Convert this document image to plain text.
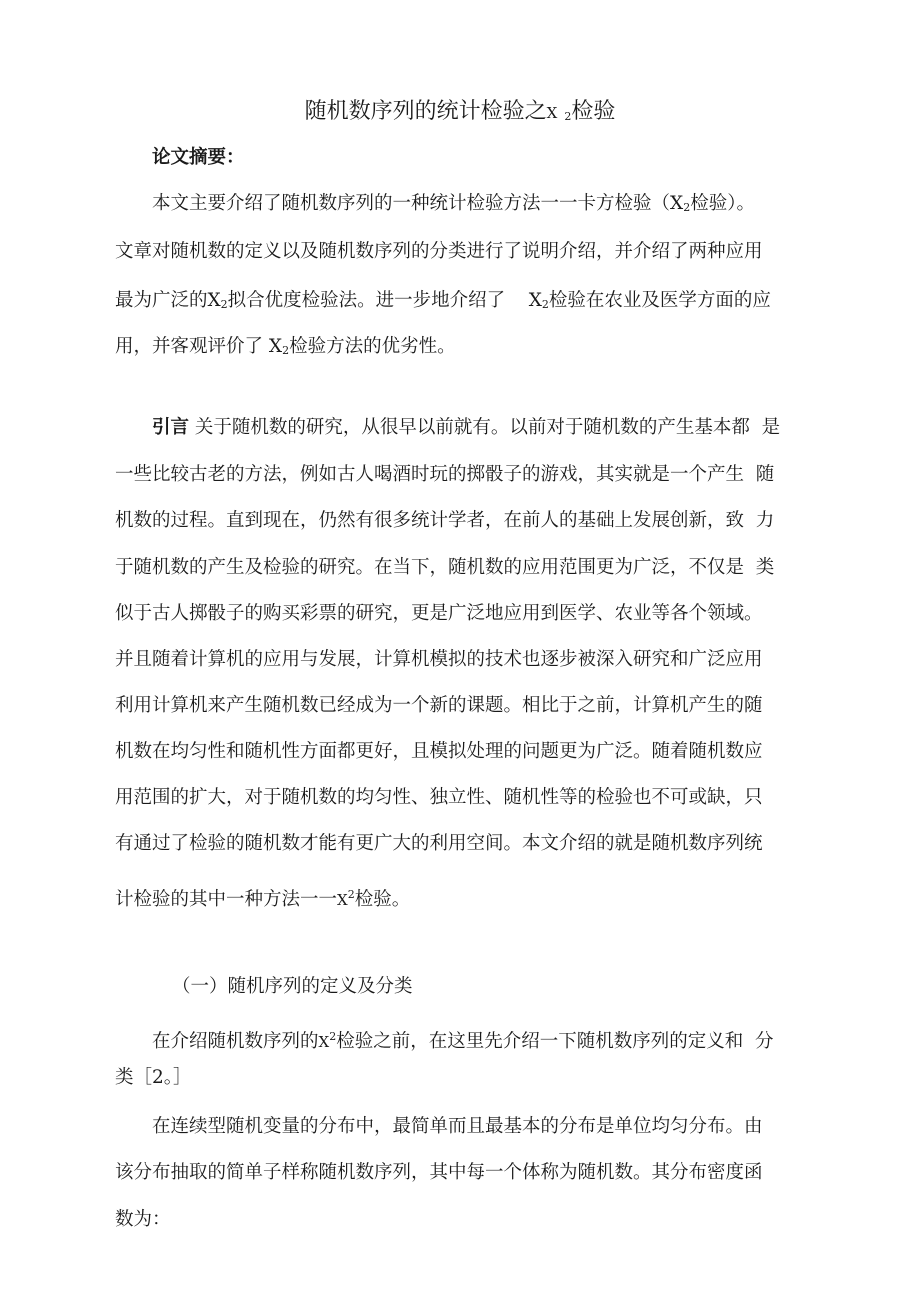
随机数序列的统计检验之X 2检验
论文摘要：
本文主要介绍了随机数序列的一种统计检验方法一一卡方检验（X2检验）。
文章对随机数的定义以及随机数序列的分类进行了说明介绍，并介绍了两种应用
最为广泛的X2拟合优度检验法。进一步地介绍了 X2检验在农业及医学方面的应
用，并客观评价了 X2检验方法的优劣性。
引言 关于随机数的研究，从很早以前就有。以前对于随机数的产生基本都  是
一些比较古老的方法，例如古人喝酒时玩的掷骰子的游戏，其实就是一个产生  随
机数的过程。直到现在，仍然有很多统计学者，在前人的基础上发展创新，致  力
于随机数的产生及检验的研究。在当下，随机数的应用范围更为广泛，不仅是  类
似于古人掷骰子的购买彩票的研究，更是广泛地应用到医学、农业等各个领域。
并且随着计算机的应用与发展，计算机模拟的技术也逐步被深入研究和广泛应用
利用计算机来产生随机数已经成为一个新的课题。相比于之前，计算机产生的随
机数在均匀性和随机性方面都更好，且模拟处理的问题更为广泛。随着随机数应
用范围的扩大，对于随机数的均匀性、独立性、随机性等的检验也不可或缺，只
有通过了检验的随机数才能有更广大的利用空间。本文介绍的就是随机数序列统
计检验的其中一种方法一一$X^2$检验。
（一）随机序列的定义及分类
在介绍随机数序列的$X^2$检验之前，在这里先介绍一下随机数序列的定义和  分
类［2。］
在连续型随机变量的分布中，最简单而且最基本的分布是单位均匀分布。由
该分布抽取的简单子样称随机数序列，其中每一个体称为随机数。其分布密度函
数为：
